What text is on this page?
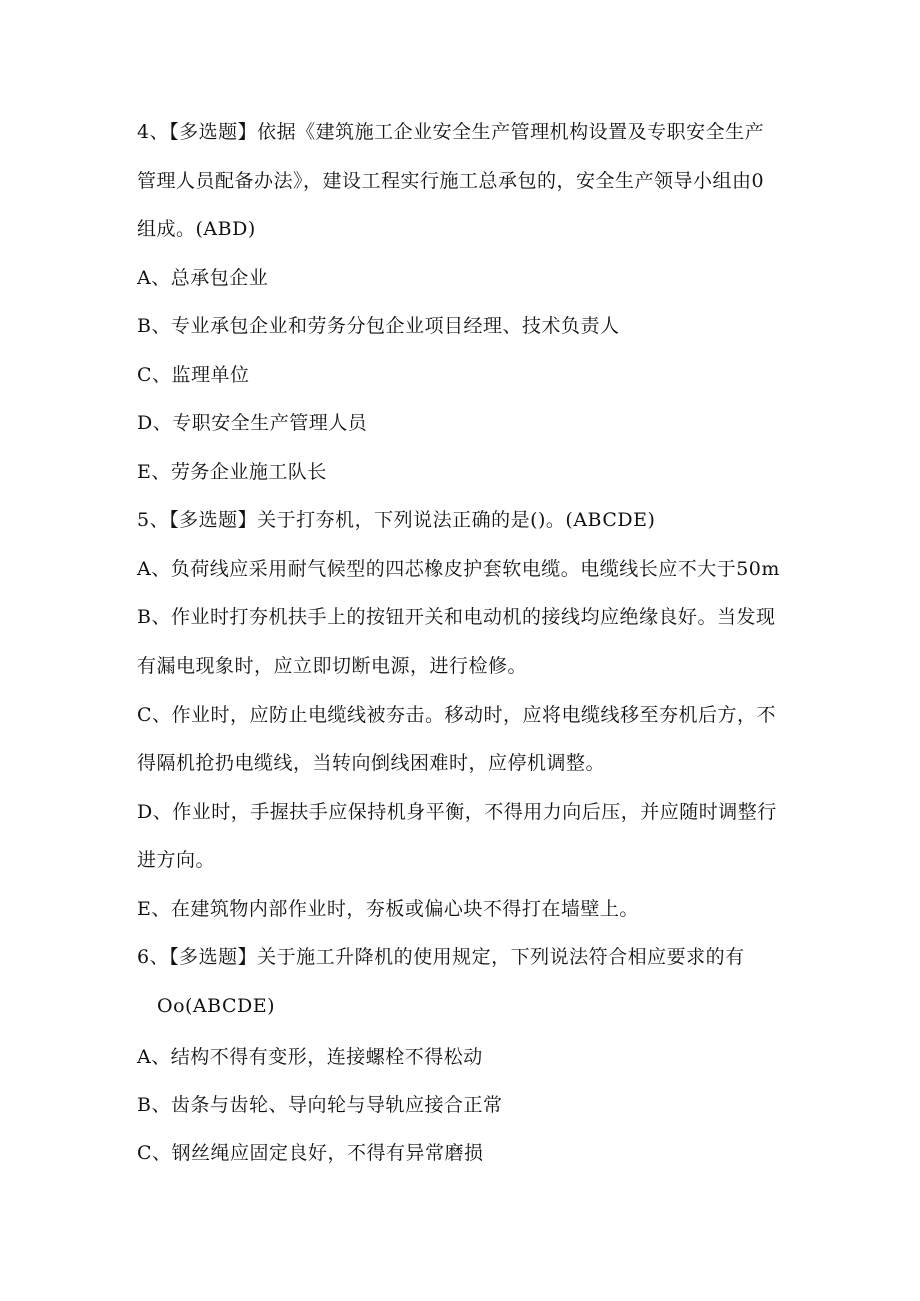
4、【多选题】依据《建筑施工企业安全生产管理机构设置及专职安全生产
管理人员配备办法》，建设工程实行施工总承包的，安全生产领导小组由0
组成。(ABD)
A、总承包企业
B、专业承包企业和劳务分包企业项目经理、技术负责人
C、监理单位
D、专职安全生产管理人员
E、劳务企业施工队长
5、【多选题】关于打夯机，下列说法正确的是()。(ABCDE)
A、负荷线应采用耐气候型的四芯橡皮护套软电缆。电缆线长应不大于50m
B、作业时打夯机扶手上的按钮开关和电动机的接线均应绝缘良好。当发现
有漏电现象时，应立即切断电源，进行检修。
C、作业时，应防止电缆线被夯击。移动时，应将电缆线移至夯机后方，不
得隔机抢扔电缆线，当转向倒线困难时，应停机调整。
D、作业时，手握扶手应保持机身平衡，不得用力向后压，并应随时调整行
进方向。
E、在建筑物内部作业时，夯板或偏心块不得打在墙壁上。
6、【多选题】关于施工升降机的使用规定，下列说法符合相应要求的有
Oo(ABCDE)
A、结构不得有变形，连接螺栓不得松动
B、齿条与齿轮、导向轮与导轨应接合正常
C、钢丝绳应固定良好，不得有异常磨损
